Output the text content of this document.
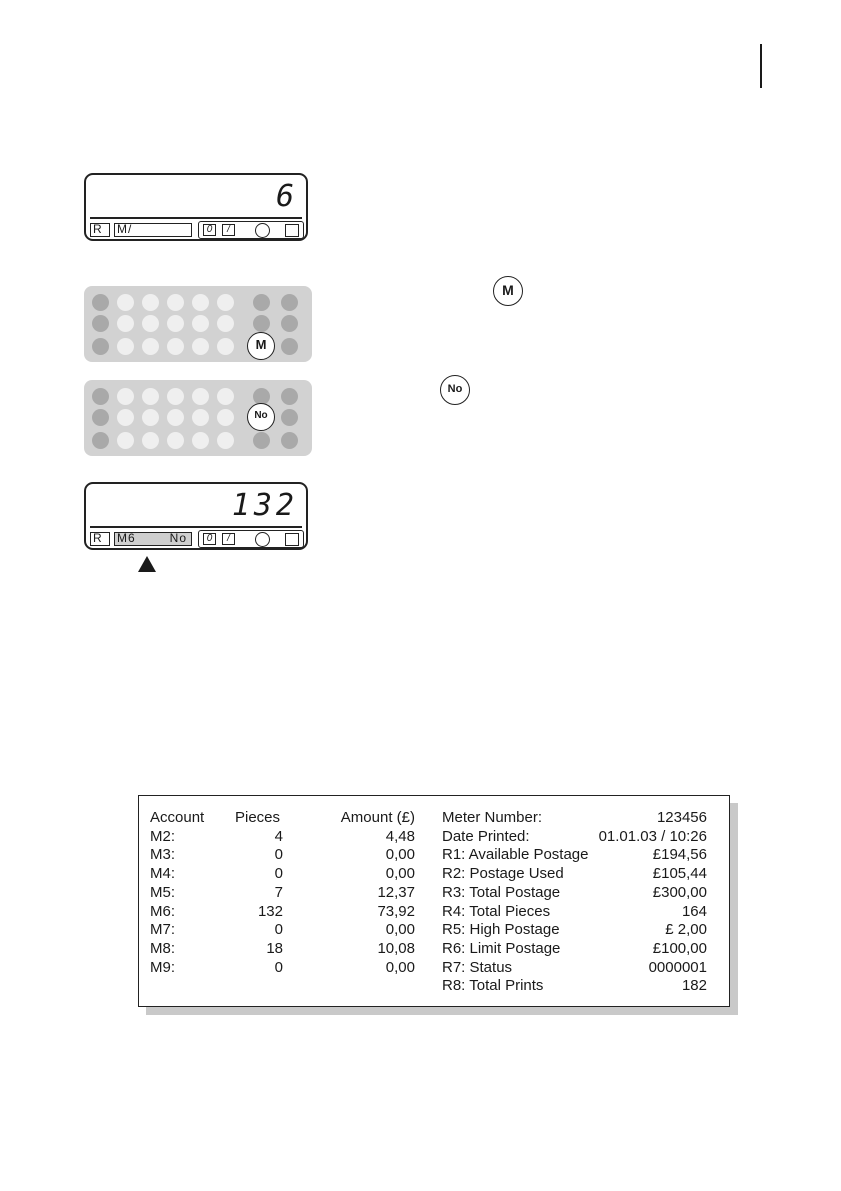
6
R	M/	0	/
M
M
No
No
132
R	M6	No	0	/
Account Pieces	Amount (£) Meter Number:	123456
M2:	4	4,48 Date Printed:	01.01.03 / 10:26
M3:	0	0,00 R1: Available Postage	£194,56
M4:	0	0,00 R2: Postage Used	£105,44
M5:	7	12,37 R3: Total Postage	£300,00
M6:	132	73,92 R4: Total Pieces	164
M7:	0	0,00 R5: High Postage	£ 2,00
M8:	18	10,08 R6: Limit Postage	£100,00
M9:	0	0,00 R7: Status	0000001
R8: Total Prints	182
